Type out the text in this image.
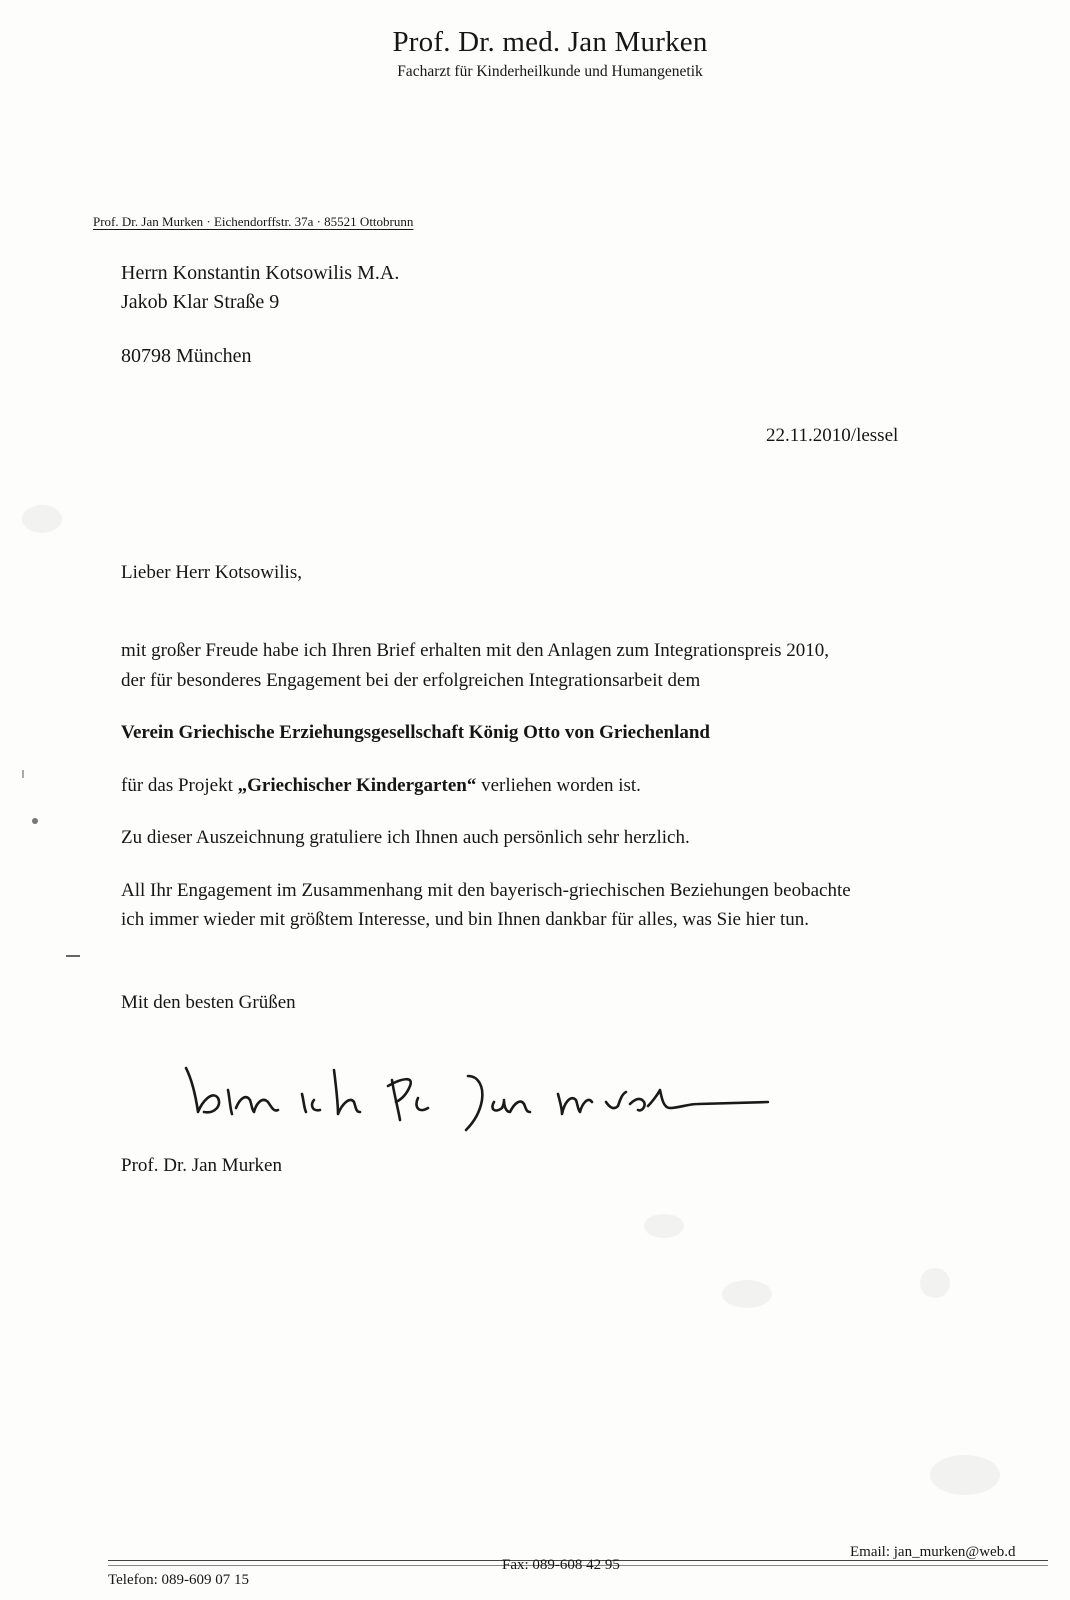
Prof. Dr. med. Jan Murken
Facharzt für Kinderheilkunde und Humangenetik
Prof. Dr. Jan Murken · Eichendorffstr. 37a · 85521 Ottobrunn
Herrn Konstantin Kotsowilis M.A.
Jakob Klar Straße 9
80798 München
22.11.2010/lessel
Lieber Herr Kotsowilis,
mit großer Freude habe ich Ihren Brief erhalten mit den Anlagen zum Integrationspreis 2010,
der für besonderes Engagement bei der erfolgreichen Integrationsarbeit dem
Verein Griechische Erziehungsgesellschaft König Otto von Griechenland
für das Projekt „Griechischer Kindergarten“ verliehen worden ist.
Zu dieser Auszeichnung gratuliere ich Ihnen auch persönlich sehr herzlich.
All Ihr Engagement im Zusammenhang mit den bayerisch-griechischen Beziehungen beobachte
ich immer wieder mit größtem Interesse, und bin Ihnen dankbar für alles, was Sie hier tun.
Mit den besten Grüßen
Prof. Dr. Jan Murken
Telefon: 089-609 07 15
Fax: 089-608 42 95
Email: jan_murken@web.d
